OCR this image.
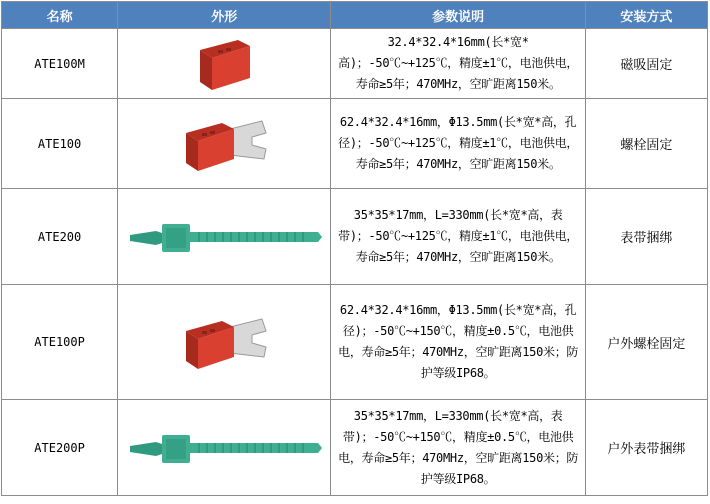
名称	外形	参数说明	安装方式
ATE100M		32.4*32.4*16mm(长*宽*高)；-50℃~+125℃，精度±1℃，电池供电，寿命≥5年；470MHz，空旷距离150米。	磁吸固定
ATE100		62.4*32.4*16mm，Φ13.5mm(长*宽*高，孔径)；-50℃~+125℃，精度±1℃，电池供电，寿命≥5年；470MHz，空旷距离150米。	螺栓固定
ATE200		35*35*17mm，L=330mm(长*宽*高，表带)；-50℃~+125℃，精度±1℃，电池供电，寿命≥5年；470MHz，空旷距离150米。	表带捆绑
ATE100P		62.4*32.4*16mm，Φ13.5mm(长*宽*高，孔径)；-50℃~+150℃，精度±0.5℃，电池供电，寿命≥5年；470MHz，空旷距离150米；防护等级IP68。	户外螺栓固定
ATE200P		35*35*17mm，L=330mm(长*宽*高，表带)；-50℃~+150℃，精度±0.5℃，电池供电，寿命≥5年；470MHz，空旷距离150米；防护等级IP68。	户外表带捆绑
